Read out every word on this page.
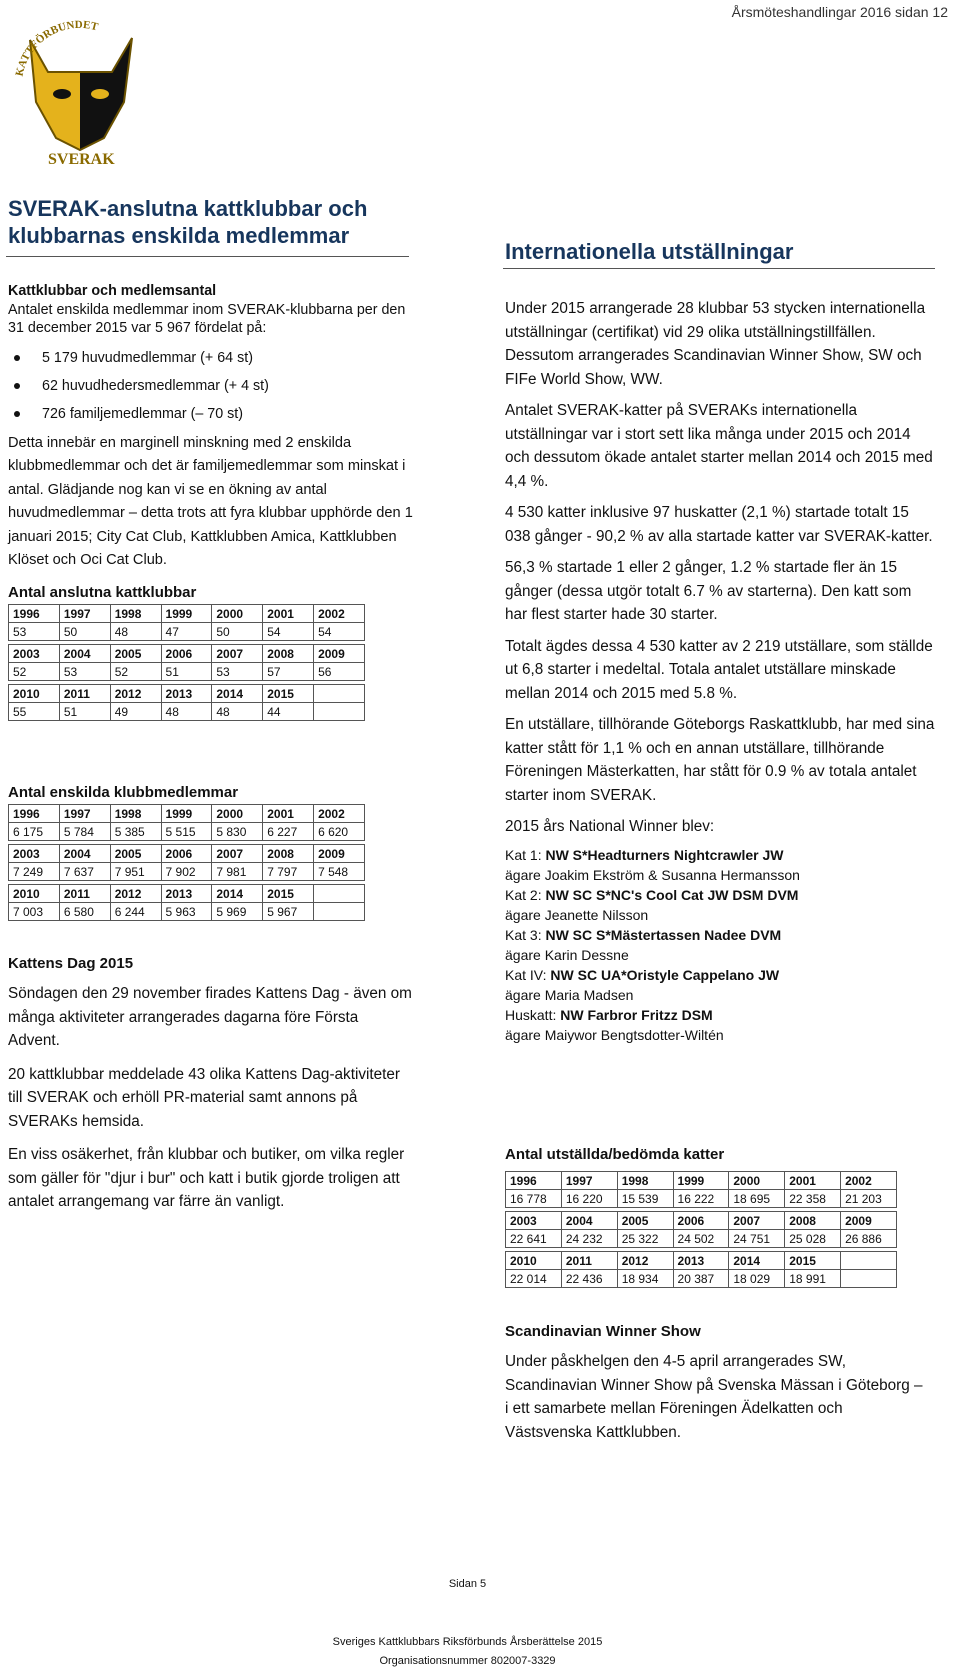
Årsmöteshandlingar 2016 sidan 12
KATTFÖRBUNDET
SVERAK
SVERAK-anslutna kattklubbar och
klubbarnas enskilda medlemmar
Kattklubbar och medlemsantal

Antalet enskilda medlemmar inom SVERAK-klubbarna per den 31 december 2015 var 5 967 fördelat på:

5 179 huvudmedlemmar (+ 64 st)
62 huvudhedersmedlemmar (+ 4 st)
726 familjemedlemmar (– 70 st)

Detta innebär en marginell minskning med 2 enskilda klubbmedlemmar och det är familjemedlemmar som minskat i antal. Glädjande nog kan vi se en ökning av antal huvudmedlemmar – detta trots att fyra klubbar upphörde den 1 januari 2015; City Cat Club, Kattklubben Amica, Kattklubben Klöset och Oci Cat Club.

Antal anslutna kattklubbar
1996	1997	1998	1999	2000	2001	2002
53	50	48	47	50	54	54

2003	2004	2005	2006	2007	2008	2009
52	53	52	51	53	57	56

2010	2011	2012	2013	2014	2015	
55	51	49	48	48	44	
Antal enskilda klubbmedlemmar
1996	1997	1998	1999	2000	2001	2002
6 175	5 784	5 385	5 515	5 830	6 227	6 620

2003	2004	2005	2006	2007	2008	2009
7 249	7 637	7 951	7 902	7 981	7 797	7 548

2010	2011	2012	2013	2014	2015	
7 003	6 580	6 244	5 963	5 969	5 967	
Kattens Dag 2015

Söndagen den 29 november firades Kattens Dag - även om många aktiviteter arrangerades dagarna före Första Advent.

20 kattklubbar meddelade 43 olika Kattens Dag-aktiviteter till SVERAK och erhöll PR-material samt annons på SVERAKs hemsida.

En viss osäkerhet, från klubbar och butiker, om vilka regler som gäller för "djur i bur" och katt i butik gjorde troligen att antalet arrangemang var färre än vanligt.

Internationella utställningar

Under 2015 arrangerade 28 klubbar 53 stycken internationella utställningar (certifikat) vid 29 olika utställningstillfällen. Dessutom arrangerades Scandinavian Winner Show, SW och FIFe World Show, WW.

Antalet SVERAK-katter på SVERAKs internationella utställningar var i stort sett lika många under 2015 och 2014 och dessutom ökade antalet starter mellan 2014 och 2015 med 4,4 %.

4 530 katter inklusive 97 huskatter (2,1 %) startade totalt 15 038 gånger - 90,2 % av alla startade katter var SVERAK-katter.

56,3 % startade 1 eller 2 gånger, 1.2 % startade fler än 15 gånger (dessa utgör totalt 6.7 % av starterna). Den katt som har flest starter hade 30 starter.

Totalt ägdes dessa 4 530 katter av 2 219 utställare, som ställde ut 6,8 starter i medeltal. Totala antalet utställare minskade mellan 2014 och 2015 med 5.8 %.

En utställare, tillhörande Göteborgs Raskattklubb, har med sina katter stått för 1,1 % och en annan utställare, tillhörande Föreningen Mästerkatten, har stått för 0.9 % av totala antalet starter inom SVERAK.

2015 års National Winner blev:

Kat 1: NW S*Headturners Nightcrawler JW
ägare Joakim Ekström & Susanna Hermansson
Kat 2: NW SC S*NC's Cool Cat JW DSM DVM
ägare Jeanette Nilsson
Kat 3: NW SC S*Mästertassen Nadee DVM
ägare Karin Dessne
Kat IV: NW SC UA*Oristyle Cappelano JW
ägare Maria Madsen
Huskatt: NW Farbror Fritzz DSM
ägare Maiywor Bengtsdotter-Wiltén
Antal utställda/bedömda katter
1996	1997	1998	1999	2000	2001	2002
16 778	16 220	15 539	16 222	18 695	22 358	21 203

2003	2004	2005	2006	2007	2008	2009
22 641	24 232	25 322	24 502	24 751	25 028	26 886

2010	2011	2012	2013	2014	2015	
22 014	22 436	18 934	20 387	18 029	18 991	
Scandinavian Winner Show

Under påskhelgen den 4-5 april arrangerades SW, Scandinavian Winner Show på Svenska Mässan i Göteborg – i ett samarbete mellan Föreningen Ädelkatten och Västsvenska Kattklubben.

Sidan 5
Sveriges Kattklubbars Riksförbunds Årsberättelse 2015
Organisationsnummer 802007-3329
